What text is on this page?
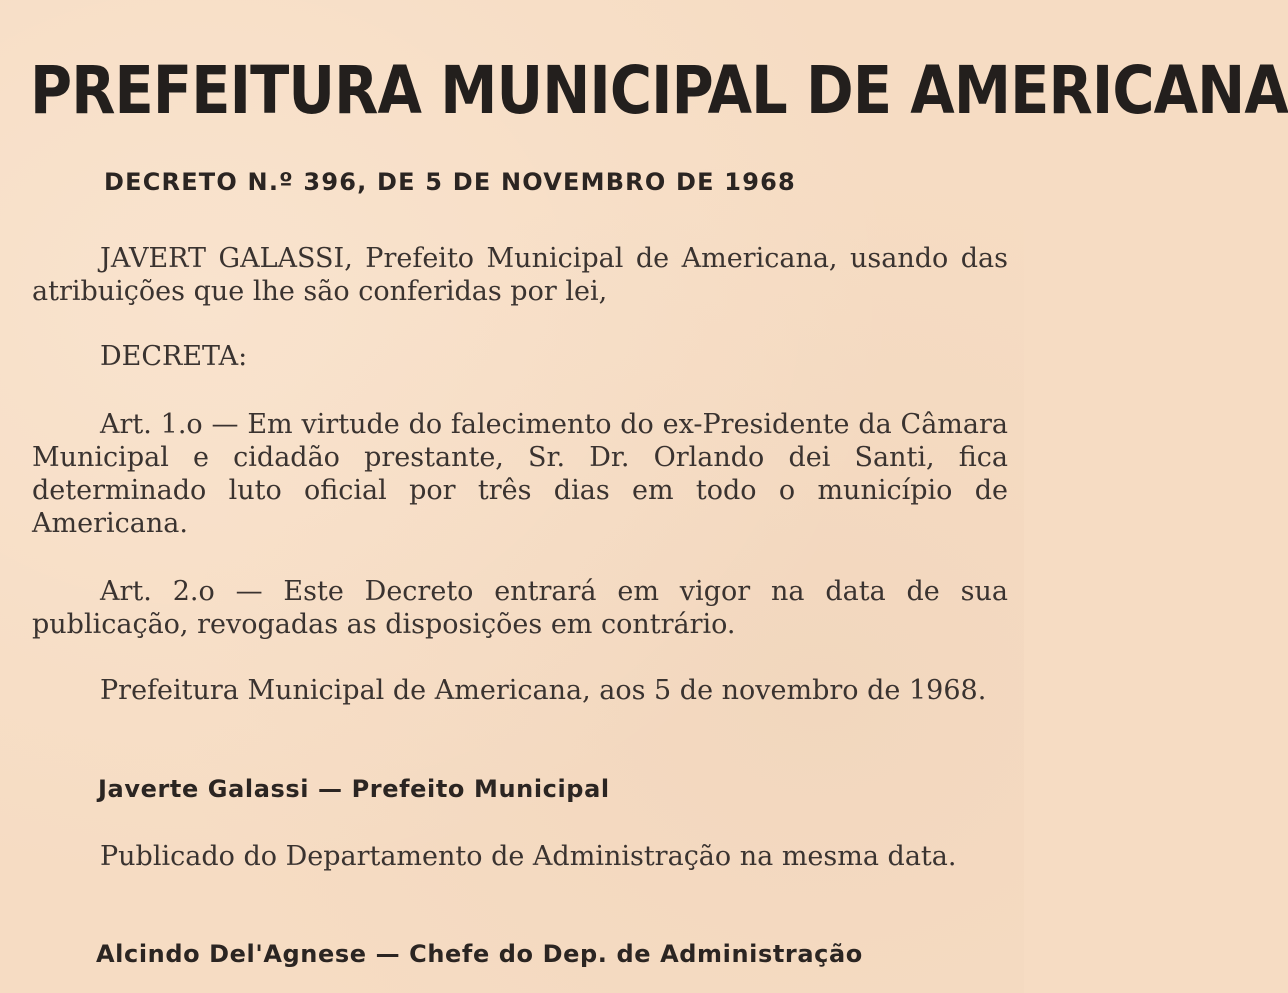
PREFEITURA MUNICIPAL DE AMERICANA
DECRETO N.º 396, DE 5 DE NOVEMBRO DE 1968

JAVERT GALASSI, Prefeito Municipal de Americana, usando das atribuições que lhe são conferidas por lei,

DECRETA:

Art. 1.o — Em virtude do falecimento do ex-Presidente da Câmara Municipal e cidadão prestante, Sr. Dr. Orlando dei Santi, fica determinado luto oficial por três dias em todo o município de Americana.

Art. 2.o — Este Decreto entrará em vigor na data de sua publicação, revogadas as disposições em contrário.

Prefeitura Municipal de Americana, aos 5 de novembro de 1968.

Javerte Galassi — Prefeito Municipal

Publicado do Departamento de Administração na mesma data.

Alcindo Del'Agnese — Chefe do Dep. de Administração
